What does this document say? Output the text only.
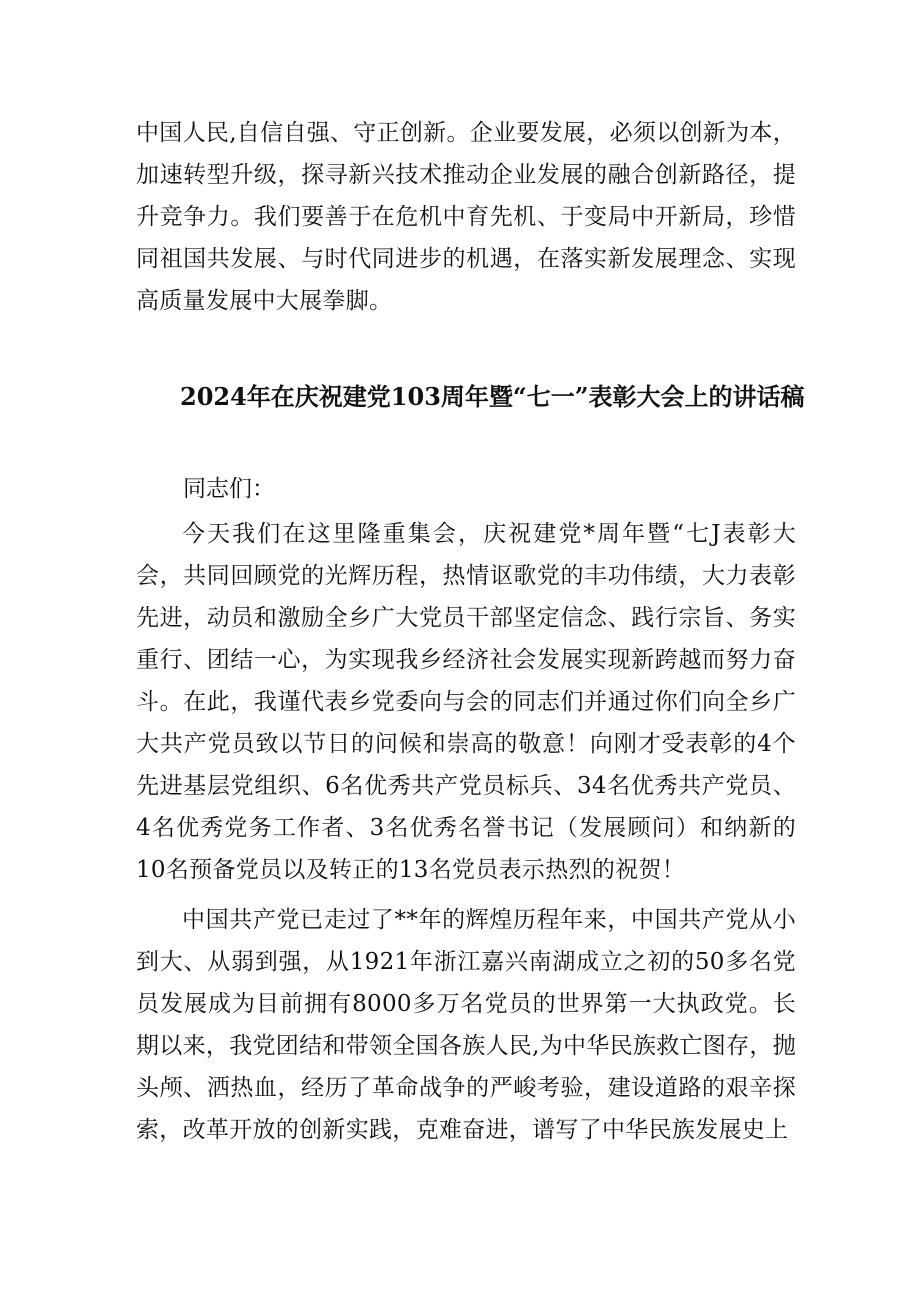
中国人民,自信自强、守正创新。企业要发展，必须以创新为本，加速转型升级，探寻新兴技术推动企业发展的融合创新路径，提升竞争力。我们要善于在危机中育先机、于变局中开新局，珍惜同祖国共发展、与时代同进步的机遇，在落实新发展理念、实现高质量发展中大展拳脚。

2024年在庆祝建党103周年暨“七一”表彰大会上的讲话稿

同志们：

今天我们在这里隆重集会，庆祝建党*周年暨“七J表彰大会，共同回顾党的光辉历程，热情讴歌党的丰功伟绩，大力表彰先进，动员和激励全乡广大党员干部坚定信念、践行宗旨、务实重行、团结一心，为实现我乡经济社会发展实现新跨越而努力奋斗。在此，我谨代表乡党委向与会的同志们并通过你们向全乡广大共产党员致以节日的问候和崇高的敬意！向刚才受表彰的4个先进基层党组织、6名优秀共产党员标兵、34名优秀共产党员、4名优秀党务工作者、3名优秀名誉书记（发展顾问）和纳新的10名预备党员以及转正的13名党员表示热烈的祝贺！

中国共产党已走过了**年的辉煌历程年来，中国共产党从小到大、从弱到强，从1921年浙江嘉兴南湖成立之初的50多名党员发展成为目前拥有8000多万名党员的世界第一大执政党。长期以来，我党团结和带领全国各族人民,为中华民族救亡图存，抛头颅、洒热血，经历了革命战争的严峻考验，建设道路的艰辛探索，改革开放的创新实践，克难奋进，谱写了中华民族发展史上
